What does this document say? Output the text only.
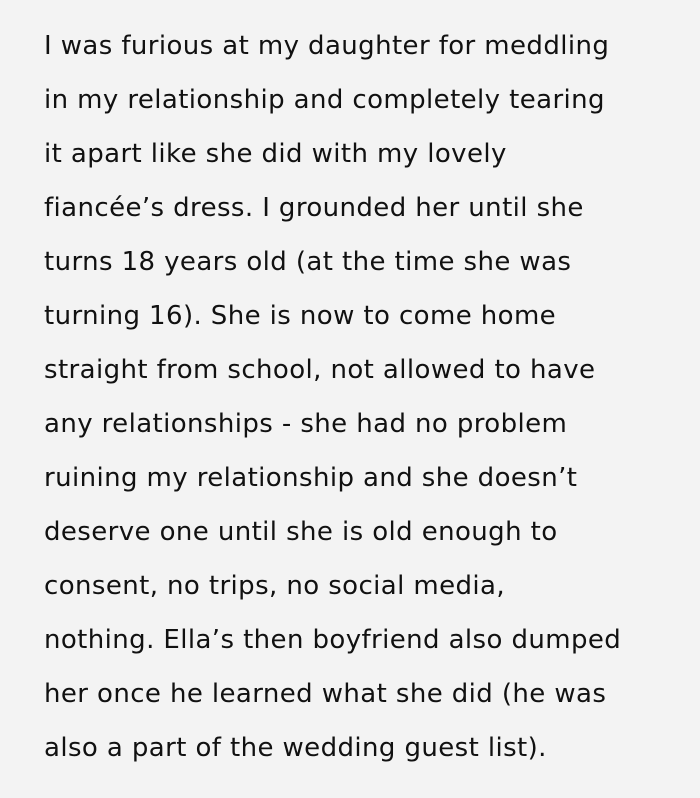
I was furious at my daughter for meddling
in my relationship and completely tearing
it apart like she did with my lovely
fiancée’s dress. I grounded her until she
turns 18 years old (at the time she was
turning 16). She is now to come home
straight from school, not allowed to have
any relationships - she had no problem
ruining my relationship and she doesn’t
deserve one until she is old enough to
consent, no trips, no social media,
nothing. Ella’s then boyfriend also dumped
her once he learned what she did (he was
also a part of the wedding guest list).
